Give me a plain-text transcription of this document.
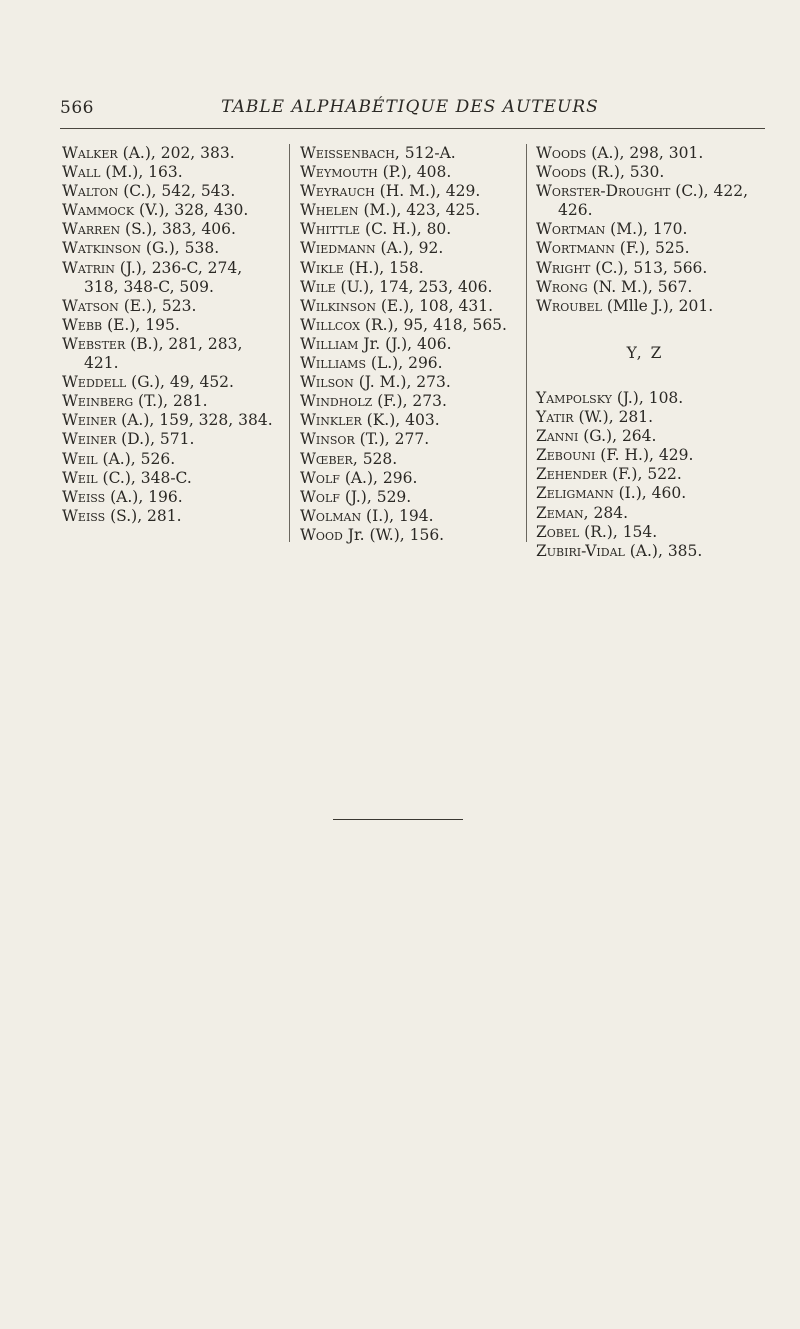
566	TABLE ALPHABÉTIQUE DES AUTEURS

Walker (A.), 202, 383.

Wall (M.), 163.

Walton (C.), 542, 543.

Wammock (V.), 328, 430.

Warren (S.), 383, 406.

Watkinson (G.), 538.

Watrin (J.), 236-C, 274, 318, 348-C, 509.

Watson (E.), 523.

Webb (E.), 195.

Webster (B.), 281, 283, 421.

Weddell (G.), 49, 452.

Weinberg (T.), 281.

Weiner (A.), 159, 328, 384.

Weiner (D.), 571.

Weil (A.), 526.

Weil (C.), 348-C.

Weiss (A.), 196.

Weiss (S.), 281.

Weissenbach, 512-A.

Weymouth (P.), 408.

Weyrauch (H. M.), 429.

Whelen (M.), 423, 425.

Whittle (C. H.), 80.

Wiedmann (A.), 92.

Wikle (H.), 158.

Wile (U.), 174, 253, 406.

Wilkinson (E.), 108, 431.

Willcox (R.), 95, 418, 565.

William Jr. (J.), 406.

Williams (L.), 296.

Wilson (J. M.), 273.

Windholz (F.), 273.

Winkler (K.), 403.

Winsor (T.), 277.

Wœber, 528.

Wolf (A.), 296.

Wolf (J.), 529.

Wolman (I.), 194.

Wood Jr. (W.), 156.

Woods (A.), 298, 301.

Woods (R.), 530.

Worster-Drought (C.), 422, 426.

Wortman (M.), 170.

Wortmann (F.), 525.

Wright (C.), 513, 566.

Wrong (N. M.), 567.

Wroubel (Mlle J.), 201.

Y, Z

Yampolsky (J.), 108.

Yatir (W.), 281.

Zanni (G.), 264.

Zebouni (F. H.), 429.

Zehender (F.), 522.

Zeligmann (I.), 460.

Zeman, 284.

Zobel (R.), 154.

Zubiri-Vidal (A.), 385.
